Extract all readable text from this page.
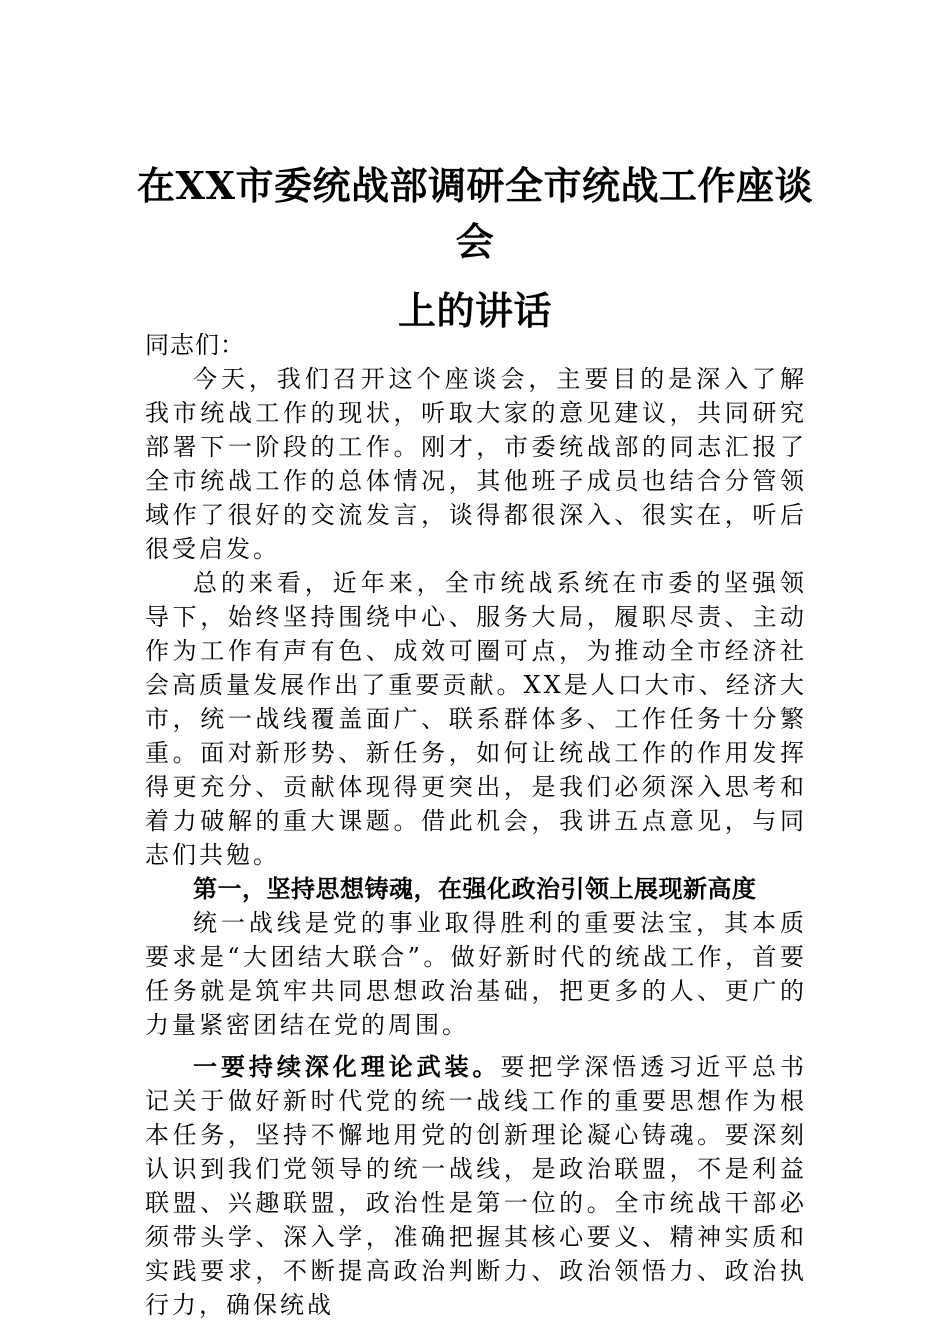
在XX市委统战部调研全市统战工作座谈会
上的讲话

同志们：

今天，我们召开这个座谈会，主要目的是深入了解我市统战工作的现状，听取大家的意见建议，共同研究部署下一阶段的工作。刚才，市委统战部的同志汇报了全市统战工作的总体情况，其他班子成员也结合分管领域作了很好的交流发言，谈得都很深入、很实在，听后很受启发。

总的来看，近年来，全市统战系统在市委的坚强领导下，始终坚持围绕中心、服务大局，履职尽责、主动作为工作有声有色、成效可圈可点，为推动全市经济社会高质量发展作出了重要贡献。XX是人口大市、经济大市，统一战线覆盖面广、联系群体多、工作任务十分繁重。面对新形势、新任务，如何让统战工作的作用发挥得更充分、贡献体现得更突出，是我们必须深入思考和着力破解的重大课题。借此机会，我讲五点意见，与同志们共勉。

第一，坚持思想铸魂，在强化政治引领上展现新高度

统一战线是党的事业取得胜利的重要法宝，其本质要求是“大团结大联合”。做好新时代的统战工作，首要任务就是筑牢共同思想政治基础，把更多的人、更广的力量紧密团结在党的周围。

一要持续深化理论武装。要把学深悟透习近平总书记关于做好新时代党的统一战线工作的重要思想作为根本任务，坚持不懈地用党的创新理论凝心铸魂。要深刻认识到我们党领导的统一战线，是政治联盟，不是利益联盟、兴趣联盟，政治性是第一位的。全市统战干部必须带头学、深入学，准确把握其核心要义、精神实质和实践要求，不断提高政治判断力、政治领悟力、政治执行力，确保统战
